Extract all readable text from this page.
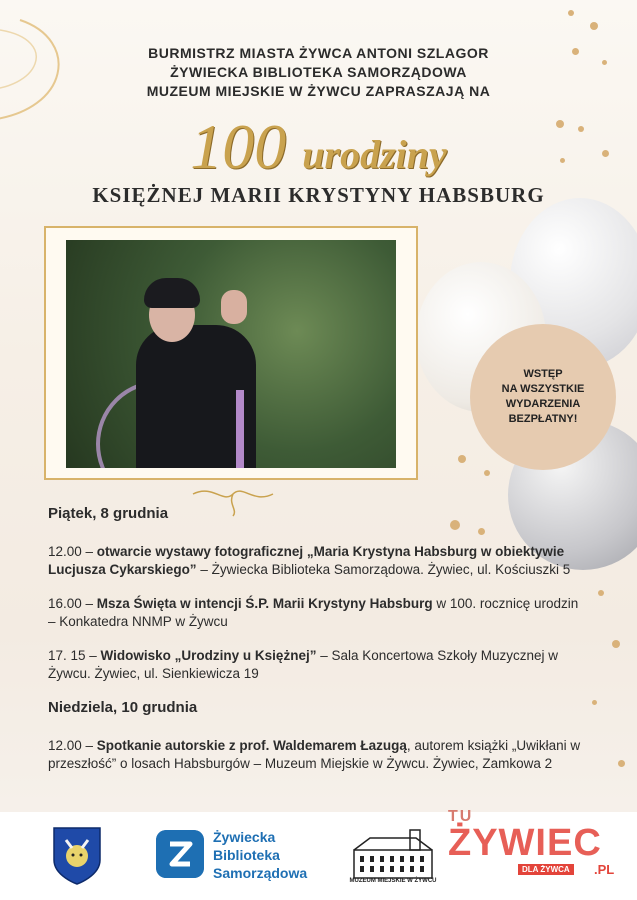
BURMISTRZ MIASTA ŻYWCA ANTONI SZLAGOR
ŻYWIECKA BIBLIOTEKA SAMORZĄDOWA
MUZEUM MIEJSKIE W ŻYWCU ZAPRASZAJĄ NA
100 urodziny
KSIĘŻNEJ MARII KRYSTYNY HABSBURG
WSTĘP
NA WSZYSTKIE
WYDARZENIA
BEZPŁATNY!

Piątek, 8 grudnia

12.00 – otwarcie wystawy fotograficznej „Maria Krystyna Habsburg w obiektywie Lucjusza Cykarskiego” – Żywiecka Biblioteka Samorządowa. Żywiec, ul. Kościuszki 5

16.00 – Msza Święta w intencji Ś.P. Marii Krystyny Habsburg w 100. rocznicę urodzin – Konkatedra NNMP w Żywcu

17. 15 – Widowisko „Urodziny u Księżnej” – Sala Koncertowa Szkoły Muzycznej w Żywcu. Żywiec, ul. Sienkiewicza 19

Niedziela, 10 grudnia

12.00 – Spotkanie autorskie z prof. Waldemarem Łazugą, autorem książki „Uwikłani w przeszłość” o losach Habsburgów – Muzeum Miejskie w Żywcu. Żywiec, Zamkowa 2

Żywiecka
Biblioteka
Samorządowa	MUZEUM MIEJSKIE W ŻYWCU
TU
ŻYWIEC
DLA ŻYWCA	.PL
